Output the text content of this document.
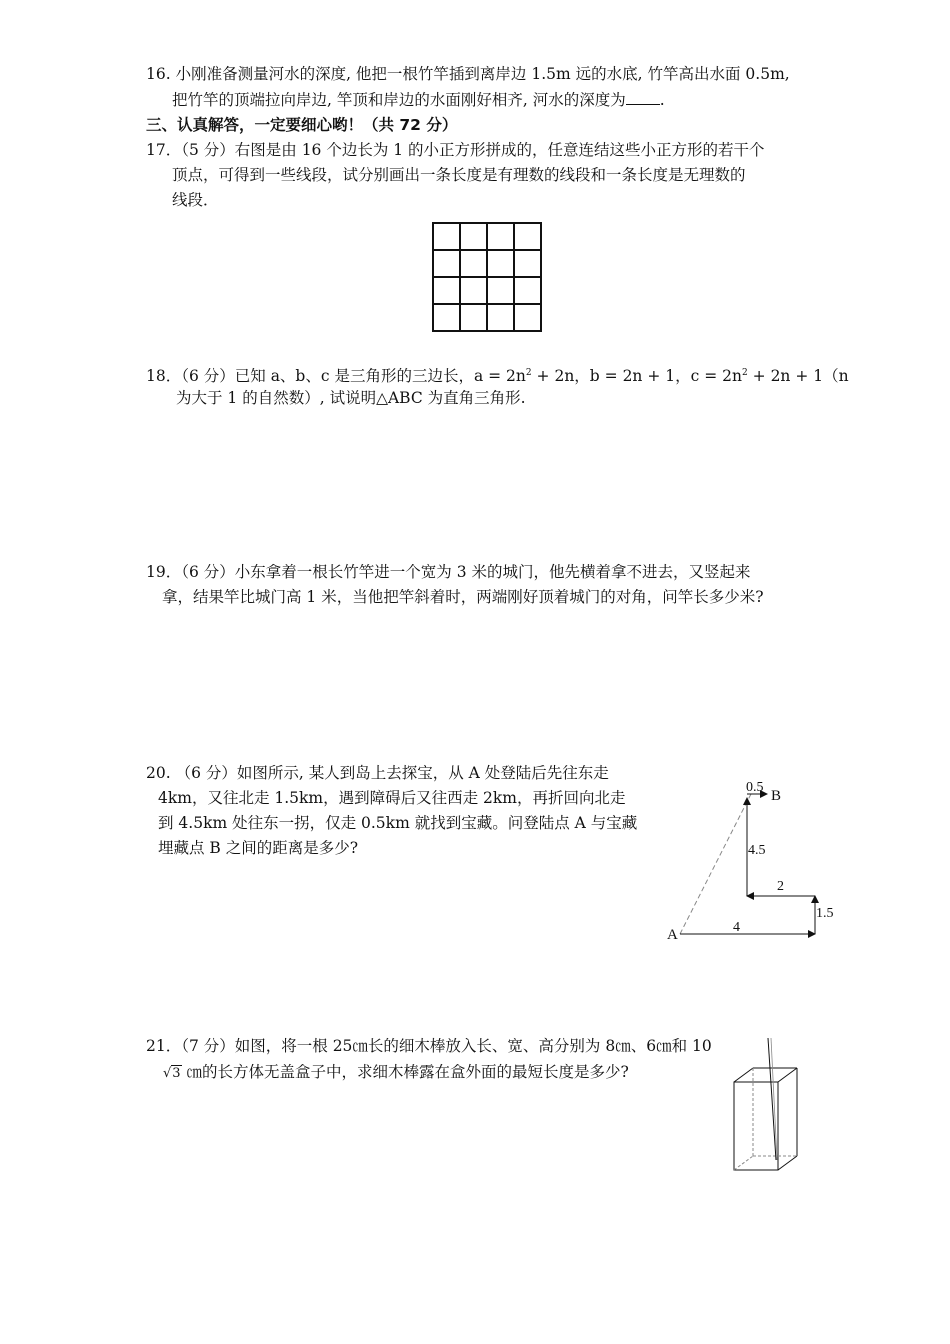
16. 小刚准备测量河水的深度, 他把一根竹竿插到离岸边 1.5m 远的水底, 竹竿高出水面 0.5m,
把竹竿的顶端拉向岸边, 竿顶和岸边的水面刚好相齐, 河水的深度为 .
三、认真解答，一定要细心哟！（共 72 分）
17．（5 分）右图是由 16 个边长为 1 的小正方形拼成的，任意连结这些小正方形的若干个
顶点，可得到一些线段，试分别画出一条长度是有理数的线段和一条长度是无理数的
线段．
18．（6 分）已知 a、b、c 是三角形的三边长，$a = 2n^2 + 2n$，b = 2n + 1，$c = 2n^2 + 2n + 1(n$
为大于 1 的自然数）, 试说明△ABC 为直角三角形.
19．（6 分）小东拿着一根长竹竿进一个宽为 3 米的城门，他先横着拿不进去，又竖起来
拿，结果竿比城门高 1 米，当他把竿斜着时，两端刚好顶着城门的对角，问竿长多少米?
20. （6 分）如图所示, 某人到岛上去探宝，从 A 处登陆后先往东走
4km，又往北走 1.5km，遇到障碍后又往西走 2km，再折回向北走
到 4.5km 处往东一拐，仅走 0.5km 就找到宝藏。问登陆点 A 与宝藏
埋藏点 B 之间的距离是多少?
0.5
B
4.5
2
1.5
A	4
21．（7 分）如图，将一根 25㎝长的细木棒放入长、宽、高分别为 8㎝、6㎝和 10
√3 ㎝的长方体无盖盒子中，求细木棒露在盒外面的最短长度是多少?
